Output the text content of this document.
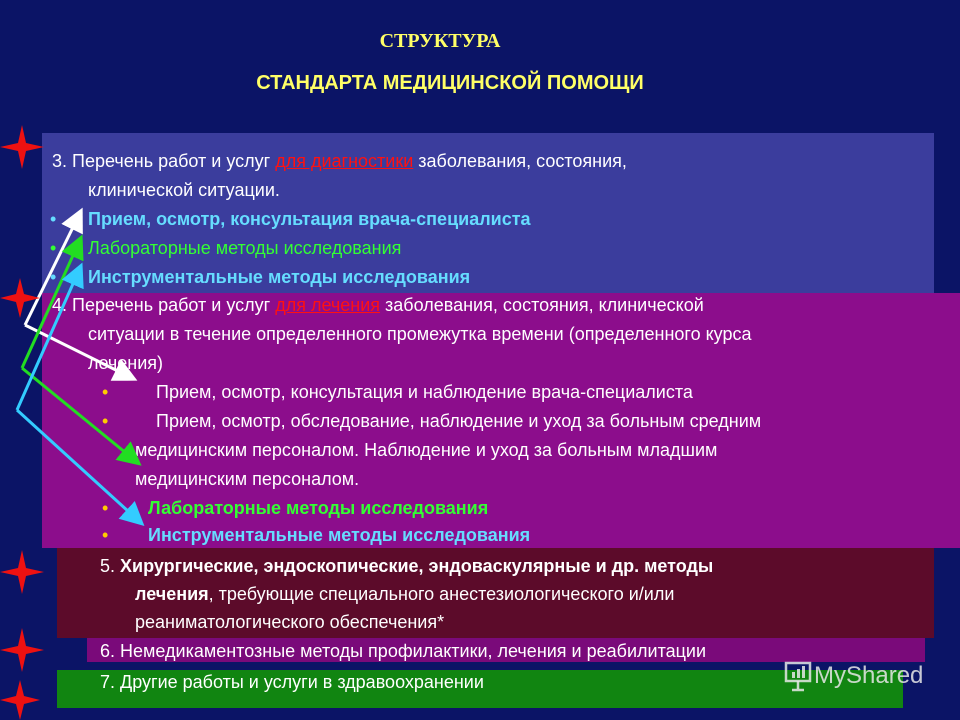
СТРУКТУРА
СТАНДАРТА МЕДИЦИНСКОЙ ПОМОЩИ
3. Перечень работ и услуг для диагностики заболевания, состояния,
клинической ситуации.
• Прием, осмотр, консультация врача-специалиста
• Лабораторные методы исследования
• Инструментальные методы исследования
4. Перечень работ и услуг для лечения заболевания, состояния, клинической
ситуации в течение определенного промежутка времени (определенного курса
лечения)
•	Прием, осмотр, консультация и наблюдение врача-специалиста
•	Прием, осмотр, обследование, наблюдение и уход за больным средним
медицинским персоналом. Наблюдение и уход за больным младшим
медицинским персоналом.
• Лабораторные методы исследования
• Инструментальные методы исследования
5. Хирургические, эндоскопические, эндоваскулярные и др. методы
лечения, требующие специального анестезиологического и/или
реаниматологического обеспечения*
6. Немедикаментозные методы профилактики, лечения и реабилитации
7. Другие работы и услуги в здравоохранении	MyShared
